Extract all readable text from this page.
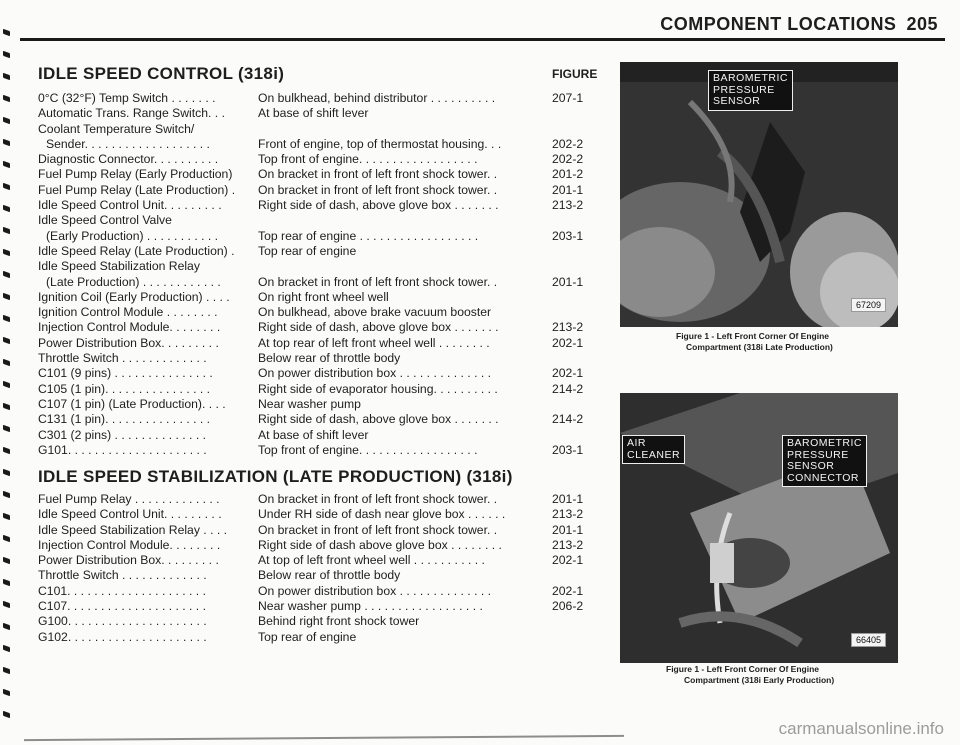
COMPONENT LOCATIONS 205
IDLE SPEED CONTROL (318i)	FIGURE
0°C (32°F) Temp Switch . . . . . . .	On bulkhead, behind distributor . . . . . . . . . .	207-1
Automatic Trans. Range Switch. . .	At base of shift lever
Coolant Temperature Switch/
Sender. . . . . . . . . . . . . . . . . . .	Front of engine, top of thermostat housing. . .	202-2
Diagnostic Connector. . . . . . . . . .	Top front of engine. . . . . . . . . . . . . . . . . .	202-2
Fuel Pump Relay (Early Production)	On bracket in front of left front shock tower. .	201-2
Fuel Pump Relay (Late Production) .	On bracket in front of left front shock tower. .	201-1
Idle Speed Control Unit. . . . . . . . .	Right side of dash, above glove box . . . . . . .	213-2
Idle Speed Control Valve
(Early Production) . . . . . . . . . . .	Top rear of engine . . . . . . . . . . . . . . . . . .	203-1
Idle Speed Relay (Late Production) .	Top rear of engine
Idle Speed Stabilization Relay
(Late Production) . . . . . . . . . . . .	On bracket in front of left front shock tower. .	201-1
Ignition Coil (Early Production) . . . .	On right front wheel well
Ignition Control Module . . . . . . . .	On bulkhead, above brake vacuum booster
Injection Control Module. . . . . . . .	Right side of dash, above glove box . . . . . . .	213-2
Power Distribution Box. . . . . . . . .	At top rear of left front wheel well . . . . . . . .	202-1
Throttle Switch . . . . . . . . . . . . .	Below rear of throttle body
C101 (9 pins) . . . . . . . . . . . . . . .	On power distribution box . . . . . . . . . . . . . .	202-1
C105 (1 pin). . . . . . . . . . . . . . . .	Right side of evaporator housing. . . . . . . . . .	214-2
C107 (1 pin) (Late Production). . . .	Near washer pump
C131 (1 pin). . . . . . . . . . . . . . . .	Right side of dash, above glove box . . . . . . .	214-2
C301 (2 pins) . . . . . . . . . . . . . .	At base of shift lever
G101. . . . . . . . . . . . . . . . . . . . .	Top front of engine. . . . . . . . . . . . . . . . . .	203-1
IDLE SPEED STABILIZATION (LATE PRODUCTION) (318i)
Fuel Pump Relay . . . . . . . . . . . . .	On bracket in front of left front shock tower. .	201-1
Idle Speed Control Unit. . . . . . . . .	Under RH side of dash near glove box . . . . . .	213-2
Idle Speed Stabilization Relay . . . .	On bracket in front of left front shock tower. .	201-1
Injection Control Module. . . . . . . .	Right side of dash above glove box . . . . . . . .	213-2
Power Distribution Box. . . . . . . . .	At top of left front wheel well . . . . . . . . . . .	202-1
Throttle Switch . . . . . . . . . . . . .	Below rear of throttle body
C101. . . . . . . . . . . . . . . . . . . . .	On power distribution box . . . . . . . . . . . . . .	202-1
C107. . . . . . . . . . . . . . . . . . . . .	Near washer pump . . . . . . . . . . . . . . . . . .	206-2
G100. . . . . . . . . . . . . . . . . . . . .	Behind right front shock tower
G102. . . . . . . . . . . . . . . . . . . . .	Top rear of engine
BAROMETRIC
PRESSURE
SENSOR
67209
Figure 1 - Left Front Corner Of Engine
Compartment (318i Late Production)
AIR
CLEANER
BAROMETRIC
PRESSURE
SENSOR
CONNECTOR
66405
Figure 1 - Left Front Corner Of Engine
Compartment (318i Early Production)
carmanualsonline.info
